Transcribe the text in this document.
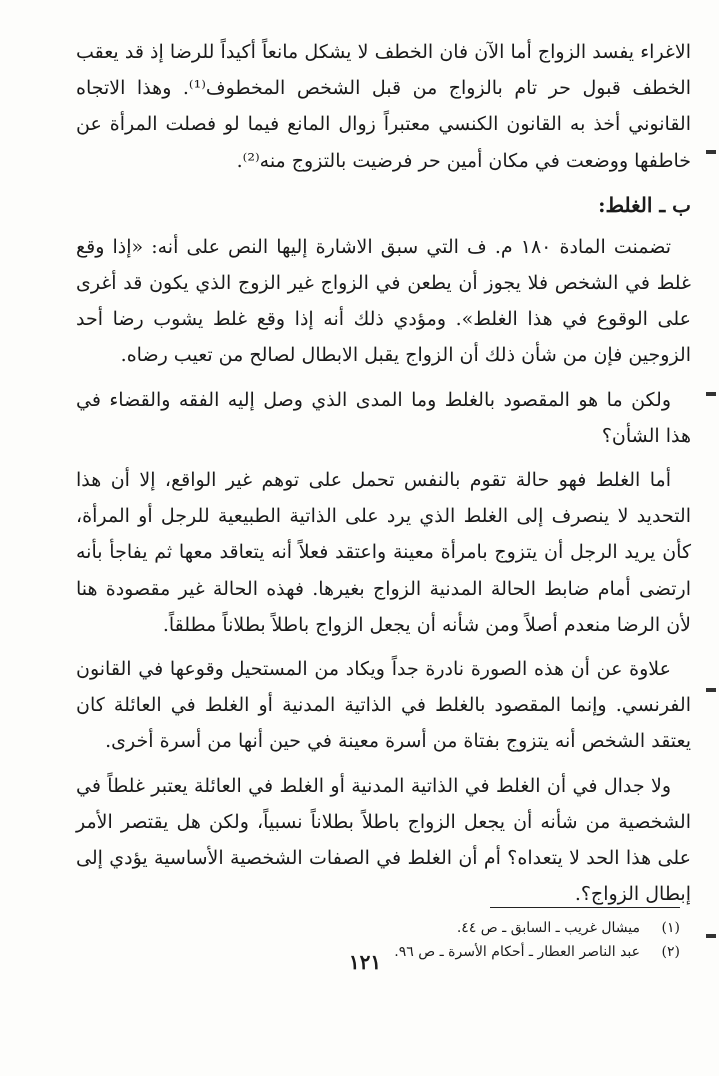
الاغراء يفسد الزواج أما الآن فان الخطف لا يشكل مانعاً أكيداً للرضا إذ قد يعقب الخطف قبول حر تام بالزواج من قبل الشخص المخطوف⁽¹⁾. وهذا الاتجاه القانوني أخذ به القانون الكنسي معتبراً زوال المانع فيما لو فصلت المرأة عن خاطفها ووضعت في مكان أمين حر فرضيت بالتزوج منه⁽²⁾.

ب ـ الغلط:

تضمنت المادة ١٨٠ م. ف التي سبق الاشارة إليها النص على أنه: «إذا وقع غلط في الشخص فلا يجوز أن يطعن في الزواج غير الزوج الذي يكون قد أغرى على الوقوع في هذا الغلط». ومؤدي ذلك أنه إذا وقع غلط يشوب رضا أحد الزوجين فإن من شأن ذلك أن الزواج يقبل الابطال لصالح من تعيب رضاه.

ولكن ما هو المقصود بالغلط وما المدى الذي وصل إليه الفقه والقضاء في هذا الشأن؟

أما الغلط فهو حالة تقوم بالنفس تحمل على توهم غير الواقع، إلا أن هذا التحديد لا ينصرف إلى الغلط الذي يرد على الذاتية الطبيعية للرجل أو المرأة، كأن يريد الرجل أن يتزوج بامرأة معينة واعتقد فعلاً أنه يتعاقد معها ثم يفاجأ بأنه ارتضى أمام ضابط الحالة المدنية الزواج بغيرها. فهذه الحالة غير مقصودة هنا لأن الرضا منعدم أصلاً ومن شأنه أن يجعل الزواج باطلاً بطلاناً مطلقاً.

علاوة عن أن هذه الصورة نادرة جداً ويكاد من المستحيل وقوعها في القانون الفرنسي. وإنما المقصود بالغلط في الذاتية المدنية أو الغلط في العائلة كان يعتقد الشخص أنه يتزوج بفتاة من أسرة معينة في حين أنها من أسرة أخرى.

ولا جدال في أن الغلط في الذاتية المدنية أو الغلط في العائلة يعتبر غلطاً في الشخصية من شأنه أن يجعل الزواج باطلاً بطلاناً نسبياً، ولكن هل يقتصر الأمر على هذا الحد لا يتعداه؟ أم أن الغلط في الصفات الشخصية الأساسية يؤدي إلى إبطال الزواج؟.

(١)
ميشال غريب ـ السابق ـ ص ٤٤.
(٢)
عبد الناصر العطار ـ أحكام الأسرة ـ ص ٩٦.
١٢١
